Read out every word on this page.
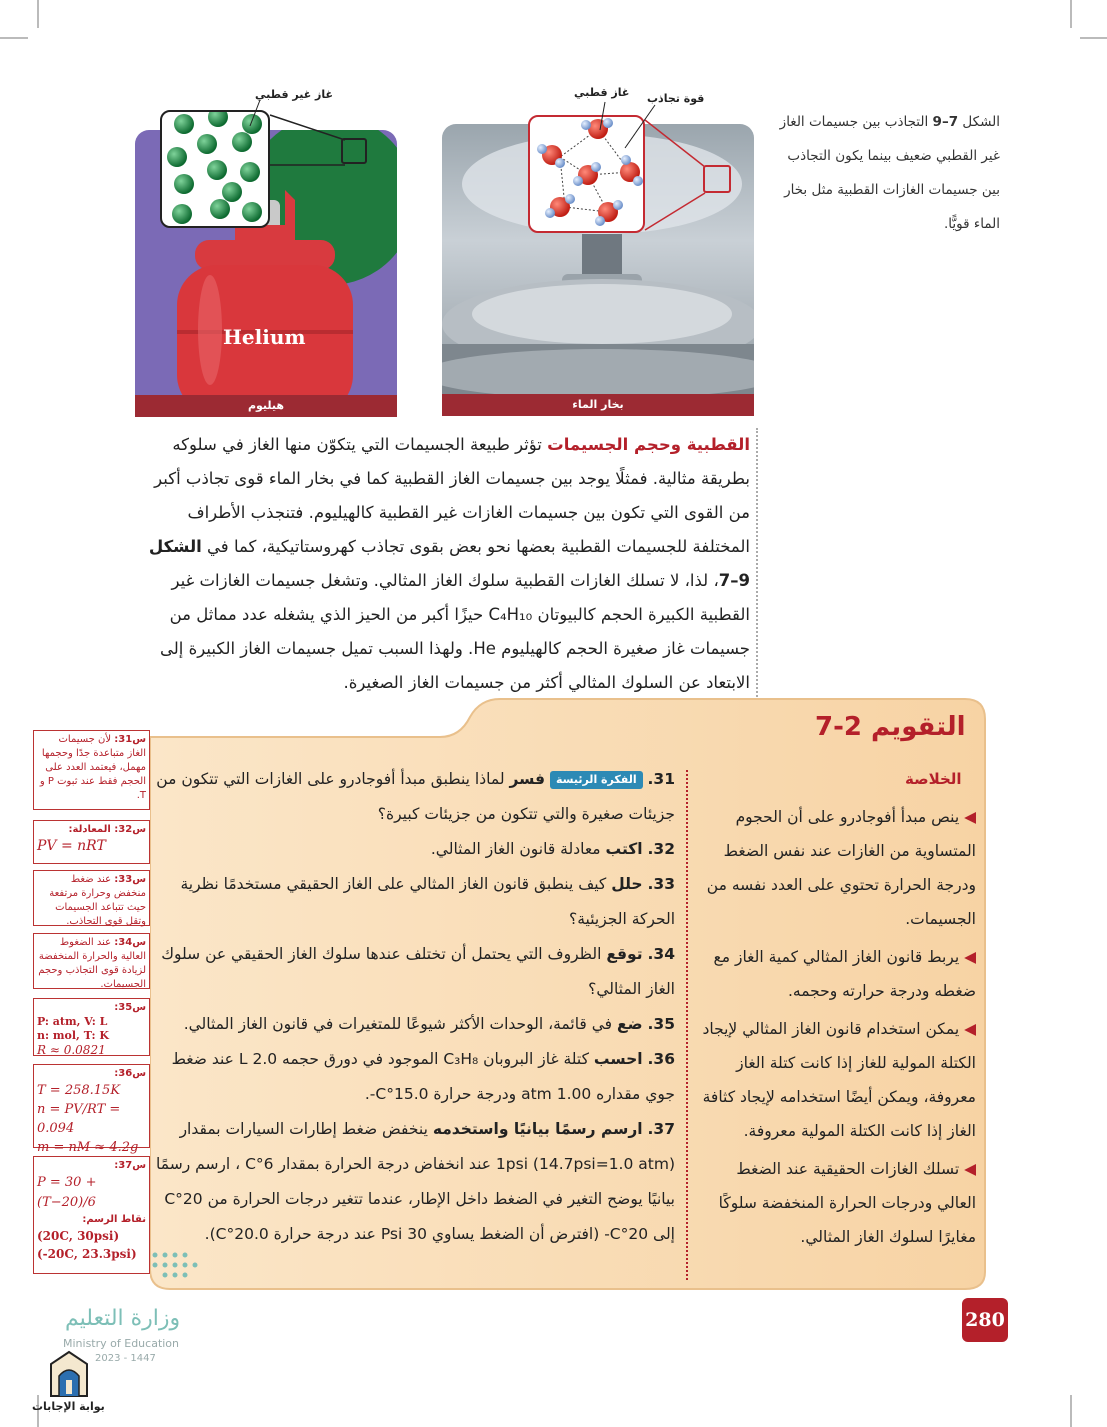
الشكل 7–9 التجاذب بين جسيمات الغاز غير القطبي ضعيف بينما يكون التجاذب بين جسيمات الغازات القطبية مثل بخار الماء قويًّا.
Helium
هيليوم
غاز غير قطبي
بخار الماء
غاز قطبي قوة تجاذب
القطبية وحجم الجسيمات تؤثر طبيعة الجسيمات التي يتكوّن منها الغاز في سلوكه بطريقة مثالية. فمثلًا يوجد بين جسيمات الغاز القطبية كما في بخار الماء قوى تجاذب أكبر من القوى التي تكون بين جسيمات الغازات غير القطبية كالهيليوم. فتنجذب الأطراف المختلفة للجسيمات القطبية بعضها نحو بعض بقوى تجاذب كهروستاتيكية، كما في الشكل 9–7، لذا، لا تسلك الغازات القطبية سلوك الغاز المثالي. وتشغل جسيمات الغازات غير القطبية الكبيرة الحجم كالبيوتان C₄H₁₀ حيزًا أكبر من الحيز الذي يشغله عدد مماثل من جسيمات غاز صغيرة الحجم كالهيليوم He. ولهذا السبب تميل جسيمات الغاز الكبيرة إلى الابتعاد عن السلوك المثالي أكثر من جسيمات الغاز الصغيرة.
التقويم 2-7
الخلاصة
◀ ينص مبدأ أفوجادرو على أن الحجوم المتساوية من الغازات عند نفس الضغط ودرجة الحرارة تحتوي على العدد نفسه من الجسيمات.
◀ يربط قانون الغاز المثالي كمية الغاز مع ضغطه ودرجة حرارته وحجمه.
◀ يمكن استخدام قانون الغاز المثالي لإيجاد الكتلة المولية للغاز إذا كانت كتلة الغاز معروفة، ويمكن أيضًا استخدامه لإيجاد كثافة الغاز إذا كانت الكتلة المولية معروفة.
◀ تسلك الغازات الحقيقية عند الضغط العالي ودرجات الحرارة المنخفضة سلوكًا مغايرًا لسلوك الغاز المثالي.
31. الفكرة الرئيسة فسر لماذا ينطبق مبدأ أفوجادرو على الغازات التي تتكون من جزيئات صغيرة والتي تتكون من جزيئات كبيرة؟
32. اكتب معادلة قانون الغاز المثالي.
33. حلل كيف ينطبق قانون الغاز المثالي على الغاز الحقيقي مستخدمًا نظرية الحركة الجزيئية؟
34. توقع الظروف التي يحتمل أن تختلف عندها سلوك الغاز الحقيقي عن سلوك الغاز المثالي؟
35. ضع في قائمة، الوحدات الأكثر شيوعًا للمتغيرات في قانون الغاز المثالي.
36. احسب كتلة غاز البروبان C₃H₈ الموجود في دورق حجمه 2.0 L عند ضغط جوي مقداره 1.00 atm ودرجة حرارة 15.0°C-.
37. ارسم رسمًا بيانيًا واستخدمه ينخفض ضغط إطارات السيارات بمقدار 1psi (14.7psi=1.0 atm) عند انخفاض درجة الحرارة بمقدار 6°C ، ارسم رسمًا بيانيًا يوضح التغير في الضغط داخل الإطار، عندما تتغير درجات الحرارة من 20°C إلى 20°C- (افترض أن الضغط يساوي 30 Psi عند درجة حرارة 20.0°C).
س31: لأن جسيمات الغاز متباعدة جدًا وحجمها مهمل، فيعتمد العدد على الحجم فقط عند ثبوت P و T.
س32: المعادلة:
PV = nRT
س33: عند ضغط منخفض وحرارة مرتفعة حيث تتباعد الجسيمات وتقل قوى التجاذب.
س34: عند الضغوط العالية والحرارة المنخفضة لزيادة قوى التجاذب وحجم الجسيمات.
س35:
P: atm, V: L
n: mol, T: K
R ≈ 0.0821
س36:
T = 258.15K
n = PV/RT = 0.094
m = nM ≈ 4.2g
س37:
P = 30 + (T−20)/6
نقاط الرسم:
(20C, 30psi)
(-20C, 23.3psi)
280
وزارة التعليم
Ministry of Education
2023 - 1447
بوابة الإجابات
